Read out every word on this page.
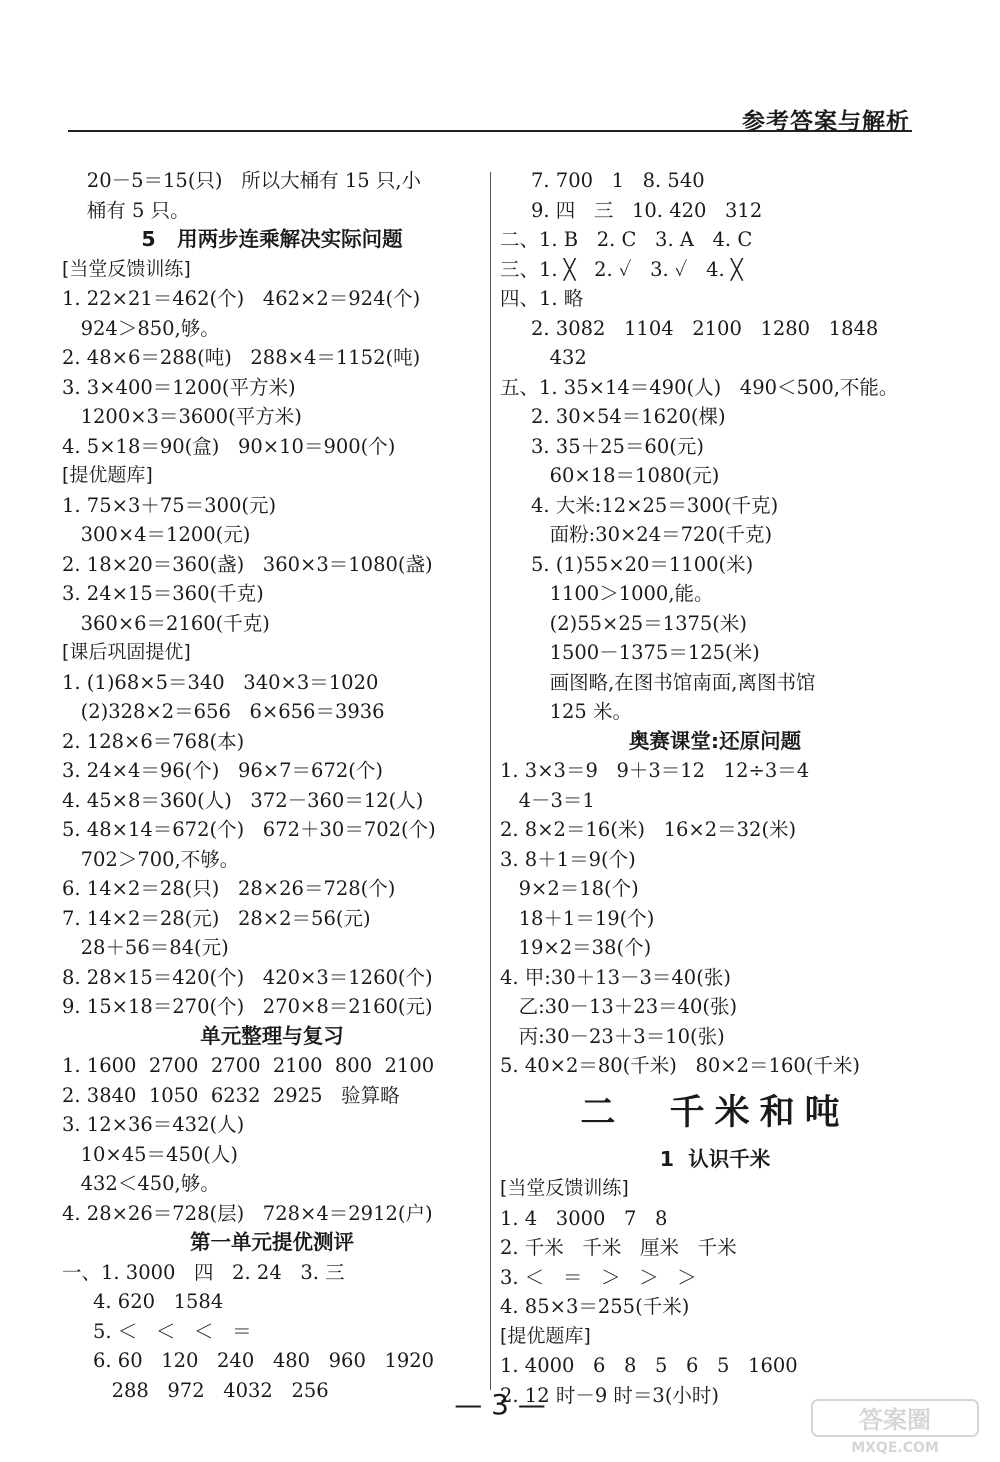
参考答案与解析
20－5＝15(只)   所以大桶有 15 只,小
桶有 5 只。
5   用两步连乘解决实际问题
[当堂反馈训练]
1. 22×21＝462(个)   462×2＝924(个)
924＞850,够。
2. 48×6＝288(吨)   288×4＝1152(吨)
3. 3×400＝1200(平方米)
1200×3＝3600(平方米)
4. 5×18＝90(盒)   90×10＝900(个)
[提优题库]
1. 75×3＋75＝300(元)
300×4＝1200(元)
2. 18×20＝360(盏)   360×3＝1080(盏)
3. 24×15＝360(千克)
360×6＝2160(千克)
[课后巩固提优]
1. (1)68×5＝340   340×3＝1020
(2)328×2＝656   6×656＝3936
2. 128×6＝768(本)
3. 24×4＝96(个)   96×7＝672(个)
4. 45×8＝360(人)   372－360＝12(人)
5. 48×14＝672(个)   672＋30＝702(个)
702＞700,不够。
6. 14×2＝28(只)   28×26＝728(个)
7. 14×2＝28(元)   28×2＝56(元)
28＋56＝84(元)
8. 28×15＝420(个)   420×3＝1260(个)
9. 15×18＝270(个)   270×8＝2160(元)
单元整理与复习
1. 1600  2700  2700  2100  800  2100
2. 3840  1050  6232  2925   验算略
3. 12×36＝432(人)
10×45＝450(人)
432＜450,够。
4. 28×26＝728(层)   728×4＝2912(户)
第一单元提优测评
一、1. 3000   四   2. 24   3. 三
4. 620   1584
5. ＜   ＜   ＜   ＝
6. 60   120   240   480   960   1920
288   972   4032   256
7. 700   1   8. 540
9. 四   三   10. 420   312
二、1. B   2. C   3. A   4. C
三、1. ╳   2. ✓   3. ✓   4. ╳
四、1. 略
2. 3082   1104   2100   1280   1848
432
五、1. 35×14＝490(人)   490＜500,不能。
2. 30×54＝1620(棵)
3. 35＋25＝60(元)
60×18＝1080(元)
4. 大米:12×25＝300(千克)
面粉:30×24＝720(千克)
5. (1)55×20＝1100(米)
1100＞1000,能。
(2)55×25＝1375(米)
1500－1375＝125(米)
画图略,在图书馆南面,离图书馆
125 米。
奥赛课堂:还原问题
1. 3×3＝9   9＋3＝12   12÷3＝4
4－3＝1
2. 8×2＝16(米)   16×2＝32(米)
3. 8＋1＝9(个)
9×2＝18(个)
18＋1＝19(个)
19×2＝38(个)
4. 甲:30＋13－3＝40(张)
乙:30－13＋23＝40(张)
丙:30－23＋3＝10(张)
5. 40×2＝80(千米)   80×2＝160(千米)
二  千米和吨
1  认识千米
[当堂反馈训练]
1. 4   3000   7   8
2. 千米   千米   厘米   千米
3. ＜   ＝   ＞   ＞   ＞
4. 85×3＝255(千米)
[提优题库]
1. 4000   6   8   5   6   5   1600
2. 12 时－9 时＝3(小时)
— 3 —	答案圈
MXQE.COM
